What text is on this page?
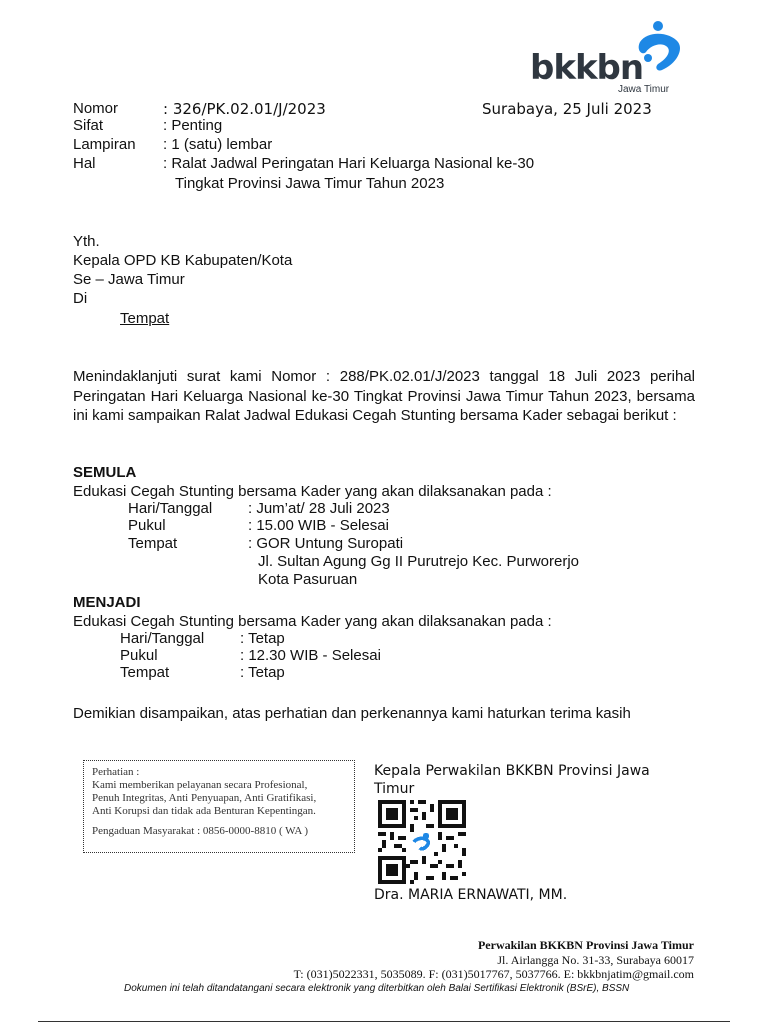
bkkbn
Jawa Timur
Nomor	: 326/PK.02.01/J/2023	Surabaya, 25 Juli 2023
Sifat	: Penting
Lampiran : 1 (satu) lembar
Hal	: Ralat Jadwal Peringatan Hari Keluarga Nasional ke-30
Tingkat Provinsi Jawa Timur Tahun 2023
Yth.
Kepala OPD KB Kabupaten/Kota
Se – Jawa Timur
Di
Tempat
Menindaklanjuti surat kami Nomor : 288/PK.02.01/J/2023 tanggal 18 Juli 2023 perihal Peringatan Hari Keluarga Nasional ke-30 Tingkat Provinsi Jawa Timur Tahun 2023, bersama ini kami sampaikan Ralat Jadwal Edukasi Cegah Stunting bersama Kader sebagai berikut :
SEMULA
Edukasi Cegah Stunting bersama Kader yang akan dilaksanakan pada :
Hari/Tanggal : Jum’at/ 28 Juli 2023
Pukul	: 15.00 WIB - Selesai
Tempat	: GOR Untung Suropati
Jl. Sultan Agung Gg II Purutrejo Kec. Purworerjo
Kota Pasuruan
MENJADI
Edukasi Cegah Stunting bersama Kader yang akan dilaksanakan pada :
Hari/Tanggal : Tetap
Pukul	: 12.30 WIB - Selesai
Tempat	: Tetap
Demikian disampaikan, atas perhatian dan perkenannya kami haturkan terima kasih
Perhatian :
Kami memberikan pelayanan secara Profesional,
Penuh Integritas, Anti Penyuapan, Anti Gratifikasi,
Anti Korupsi dan tidak ada Benturan Kepentingan.
Pengaduan Masyarakat : 0856-0000-8810 ( WA )
Kepala Perwakilan BKKBN Provinsi Jawa Timur
Dra. MARIA ERNAWATI, MM.
Perwakilan BKKBN Provinsi Jawa Timur
Jl. Airlangga No. 31-33, Surabaya 60017
T: (031)5022331, 5035089. F: (031)5017767, 5037766. E: bkkbnjatim@gmail.com
Dokumen ini telah ditandatangani secara elektronik yang diterbitkan oleh Balai Sertifikasi Elektronik (BSrE), BSSN
